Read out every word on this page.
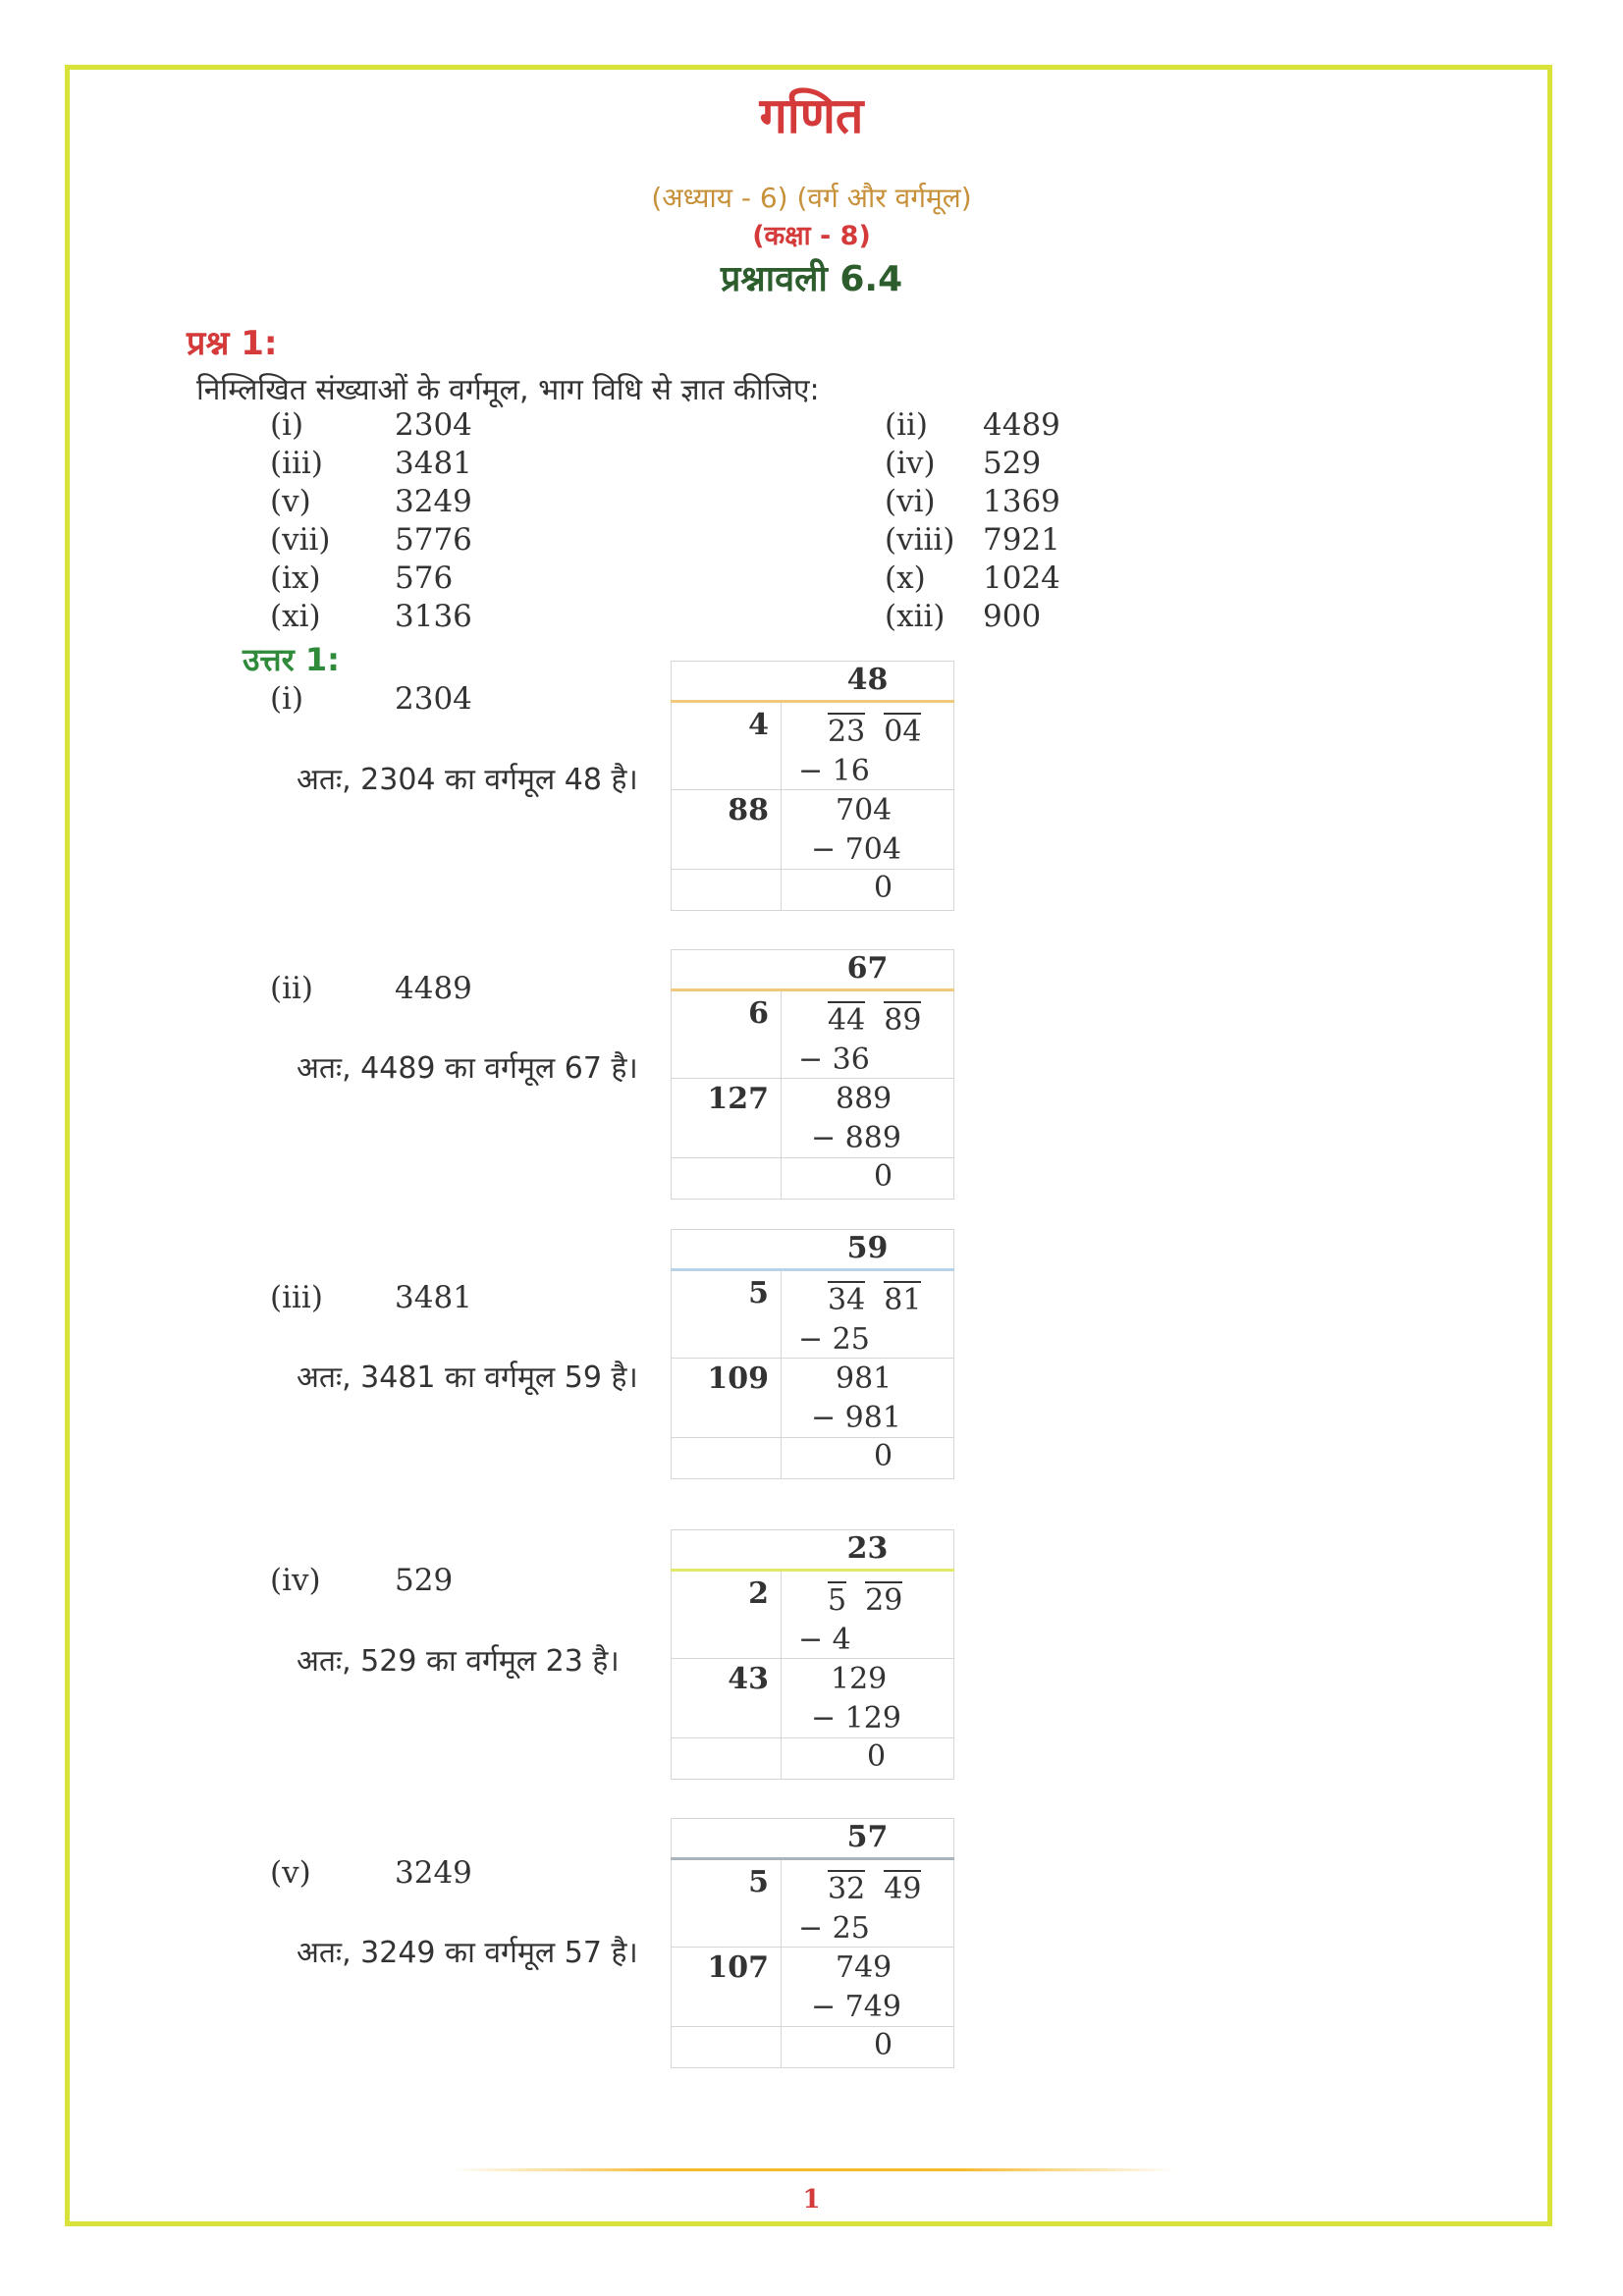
गणित
(अध्याय - 6) (वर्ग और वर्गमूल)
(कक्षा - 8)
प्रश्नावली 6.4
प्रश्न 1:
निम्लिखित संख्याओं के वर्गमूल, भाग विधि से ज्ञात कीजिए:
(i)	2304	(ii) 4489
(iii) 3481	(iv) 529
(v)	3249	(vi) 1369
(vii) 5776	(viii) 7921
(ix) 576	(x) 1024
(xi) 3136	(xii) 900
उत्तर 1:
(i)	2304
अतः, 2304 का वर्गमूल 48 है।
48
4 23 04
− 16
88 704
− 704
0
(ii)	4489
अतः, 4489 का वर्गमूल 67 है।
67
6 44 89
− 36
127 889
− 889
0
(iii) 3481
अतः, 3481 का वर्गमूल 59 है।
59
5 34 81
− 25
109 981
− 981
0
(iv) 529
अतः, 529 का वर्गमूल 23 है।
23
2 5 29
− 4
43 129
− 129
0
(v)	3249
अतः, 3249 का वर्गमूल 57 है।
57
5 32 49
− 25
107 749
− 749
0
1
